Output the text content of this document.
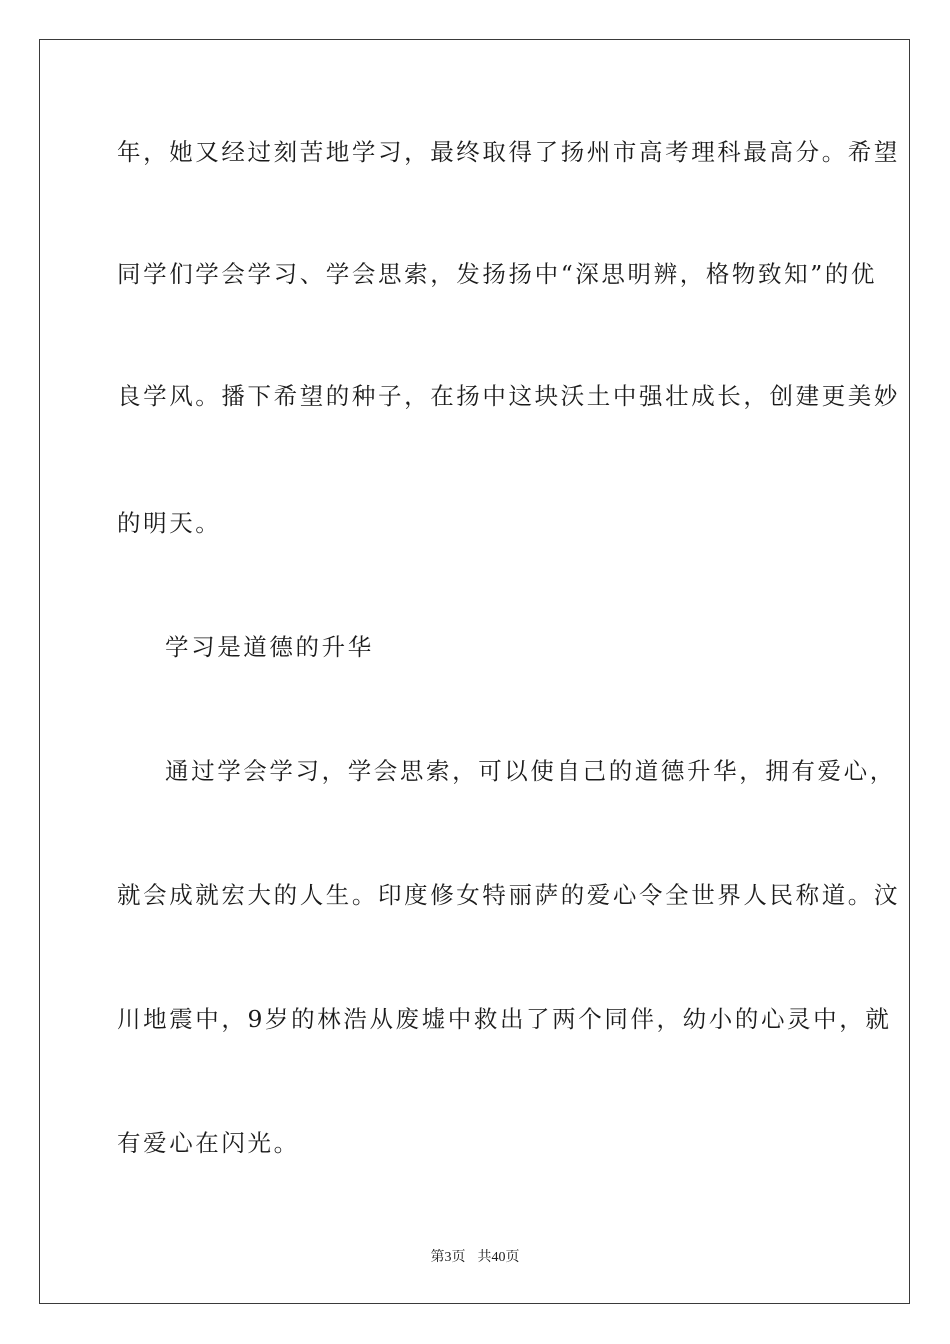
年，她又经过刻苦地学习，最终取得了扬州市高考理科最高分。希望
同学们学会学习、学会思索，发扬扬中“深思明辨，格物致知”的优
良学风。播下希望的种子，在扬中这块沃土中强壮成长，创建更美妙
的明天。
学习是道德的升华
通过学会学习，学会思索，可以使自己的道德升华，拥有爱心，
就会成就宏大的人生。印度修女特丽萨的爱心令全世界人民称道。汶
川地震中，9岁的林浩从废墟中救出了两个同伴，幼小的心灵中，就
有爱心在闪光。
第3页 共40页
